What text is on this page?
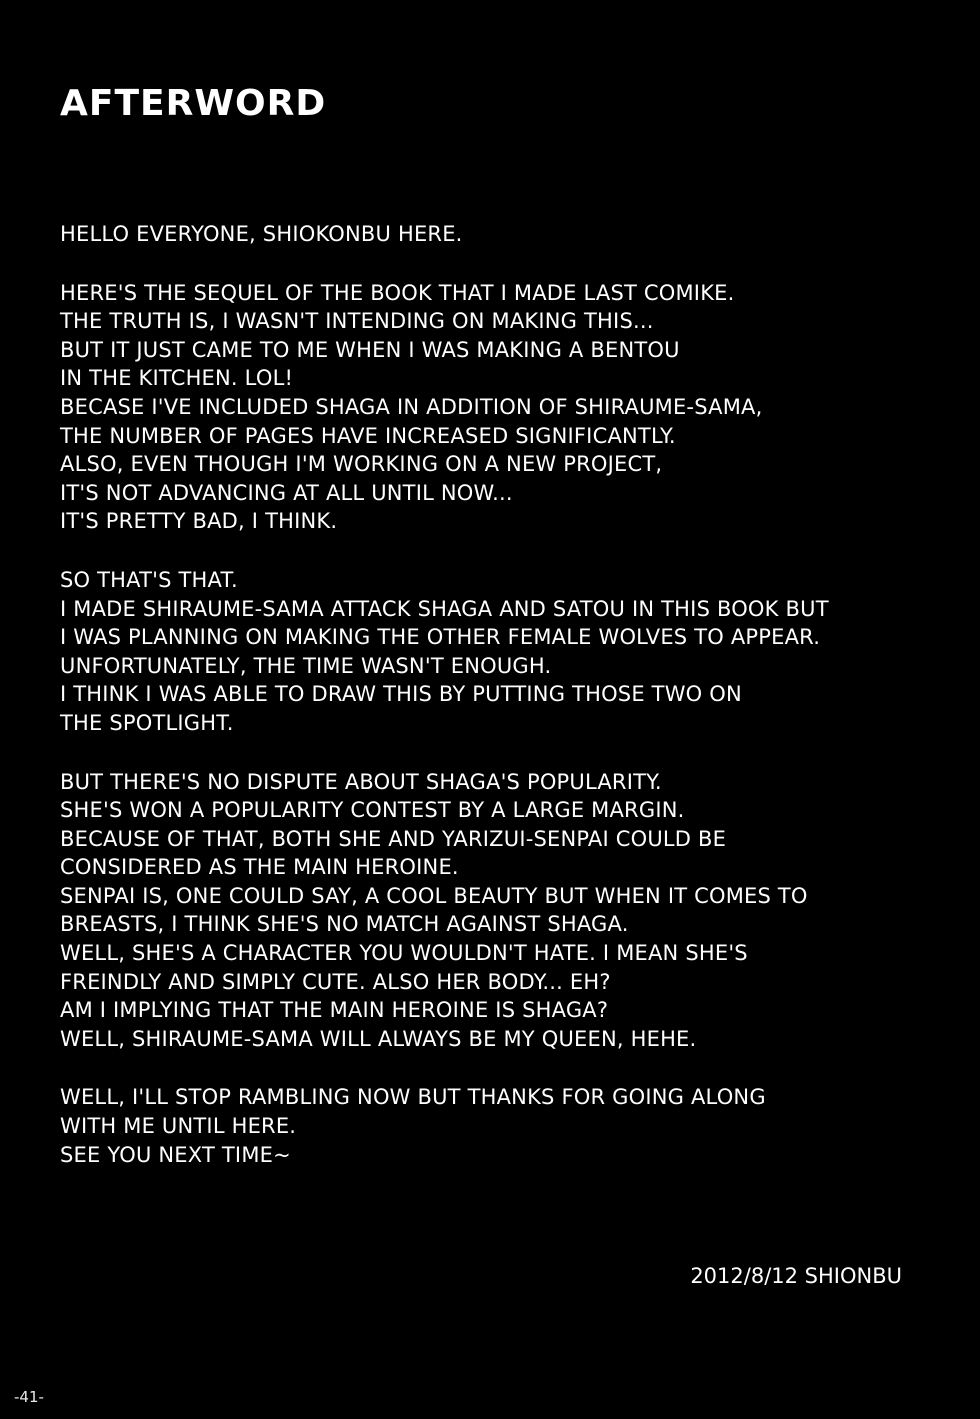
AFTERWORD
HELLO EVERYONE, SHIOKONBU HERE.
HERE'S THE SEQUEL OF THE BOOK THAT I MADE LAST COMIKE.
THE TRUTH IS, I WASN'T INTENDING ON MAKING THIS...
BUT IT JUST CAME TO ME WHEN I WAS MAKING A BENTOU
IN THE KITCHEN. LOL!
BECASE I'VE INCLUDED SHAGA IN ADDITION OF SHIRAUME-SAMA,
THE NUMBER OF PAGES HAVE INCREASED SIGNIFICANTLY.
ALSO, EVEN THOUGH I'M WORKING ON A NEW PROJECT,
IT'S NOT ADVANCING AT ALL UNTIL NOW...
IT'S PRETTY BAD, I THINK.
SO THAT'S THAT.
I MADE SHIRAUME-SAMA ATTACK SHAGA AND SATOU IN THIS BOOK BUT
I WAS PLANNING ON MAKING THE OTHER FEMALE WOLVES TO APPEAR.
UNFORTUNATELY, THE TIME WASN'T ENOUGH.
I THINK I WAS ABLE TO DRAW THIS BY PUTTING THOSE TWO ON
THE SPOTLIGHT.
BUT THERE'S NO DISPUTE ABOUT SHAGA'S POPULARITY.
SHE'S WON A POPULARITY CONTEST BY A LARGE MARGIN.
BECAUSE OF THAT, BOTH SHE AND YARIZUI-SENPAI COULD BE
CONSIDERED AS THE MAIN HEROINE.
SENPAI IS, ONE COULD SAY, A COOL BEAUTY BUT WHEN IT COMES TO
BREASTS, I THINK SHE'S NO MATCH AGAINST SHAGA.
WELL, SHE'S A CHARACTER YOU WOULDN'T HATE. I MEAN SHE'S
FREINDLY AND SIMPLY CUTE. ALSO HER BODY... EH?
AM I IMPLYING THAT THE MAIN HEROINE IS SHAGA?
WELL, SHIRAUME-SAMA WILL ALWAYS BE MY QUEEN, HEHE.
WELL, I'LL STOP RAMBLING NOW BUT THANKS FOR GOING ALONG
WITH ME UNTIL HERE.
SEE YOU NEXT TIME~
2012/8/12 SHIONBU
-41-
